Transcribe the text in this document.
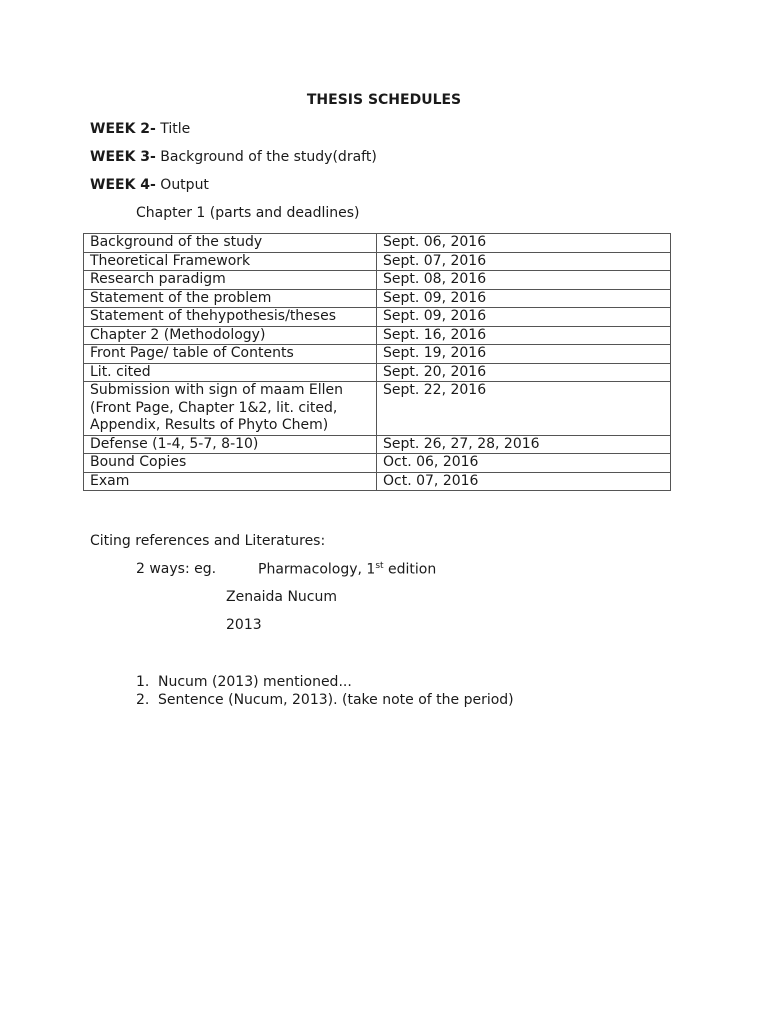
THESIS SCHEDULES
WEEK 2- Title
WEEK 3- Background of the study(draft)
WEEK 4- Output
Chapter 1 (parts and deadlines)
Background of the study	Sept. 06, 2016
Theoretical Framework	Sept. 07, 2016
Research paradigm	Sept. 08, 2016
Statement of the problem	Sept. 09, 2016
Statement of thehypothesis/theses	Sept. 09, 2016
Chapter 2 (Methodology)	Sept. 16, 2016
Front Page/ table of Contents	Sept. 19, 2016
Lit. cited	Sept. 20, 2016
Submission with sign of maam Ellen (Front Page, Chapter 1&2, lit. cited, Appendix, Results of Phyto Chem)	Sept. 22, 2016
Defense (1-4, 5-7, 8-10)	Sept. 26, 27, 28, 2016
Bound Copies	Oct. 06, 2016
Exam	Oct. 07, 2016
Citing references and Literatures:
2 ways: eg.	Pharmacology, 1st edition
Zenaida Nucum
2013
1. Nucum (2013) mentioned...
2. Sentence (Nucum, 2013). (take note of the period)
